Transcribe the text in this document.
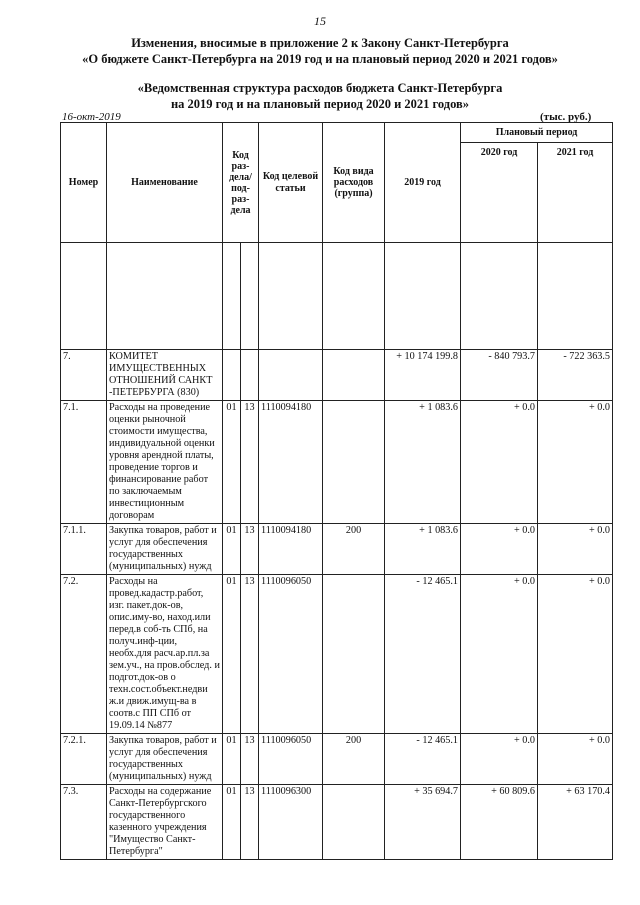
15
Изменения, вносимые в приложение 2 к Закону Санкт-Петербурга
«О бюджете Санкт-Петербурга на 2019 год и на плановый период 2020 и 2021 годов»
«Ведомственная структура расходов бюджета Санкт-Петербурга
на 2019 год и на плановый период 2020 и 2021 годов»
16-окт-2019	(тыс. руб.)
Номер	Наименование	Код раз-дела/ под-раз-дела		Код целевой статьи	Код вида расходов (группа)	2019 год	Плановый период	
							2020 год	2021 год

7.	КОМИТЕТ ИМУЩЕСТВЕННЫХ ОТНОШЕНИЙ САНКТ -ПЕТЕРБУРГА (830)					+ 10 174 199.8	- 840 793.7	- 722 363.5
7.1.	Расходы на проведение оценки рыночной стоимости имущества, индивидуальной оценки уровня арендной платы, проведение торгов и финансирование работ по заключаемым инвестиционным договорам	01	13	1110094180		+ 1 083.6	+ 0.0	+ 0.0
7.1.1.	Закупка товаров, работ и услуг для обеспечения государственных (муниципальных) нужд	01	13	1110094180	200	+ 1 083.6	+ 0.0	+ 0.0
7.2.	Расходы на провед.кадастр.работ, изг. пакет.док-ов, опис.иму-во, наход.или перед.в соб-ть СПб, на получ.инф-ции, необх.для расч.ар.пл.за зем.уч., на пров.обслед. и подгот.док-ов о техн.сост.объект.недви ж.и движ.имущ-ва в соотв.с ПП СПб от 19.09.14 №877	01	13	1110096050		- 12 465.1	+ 0.0	+ 0.0
7.2.1.	Закупка товаров, работ и услуг для обеспечения государственных (муниципальных) нужд	01	13	1110096050	200	- 12 465.1	+ 0.0	+ 0.0
7.3.	Расходы на содержание Санкт-Петербургского государственного казенного учреждения "Имущество Санкт-Петербурга"	01	13	1110096300		+ 35 694.7	+ 60 809.6	+ 63 170.4
